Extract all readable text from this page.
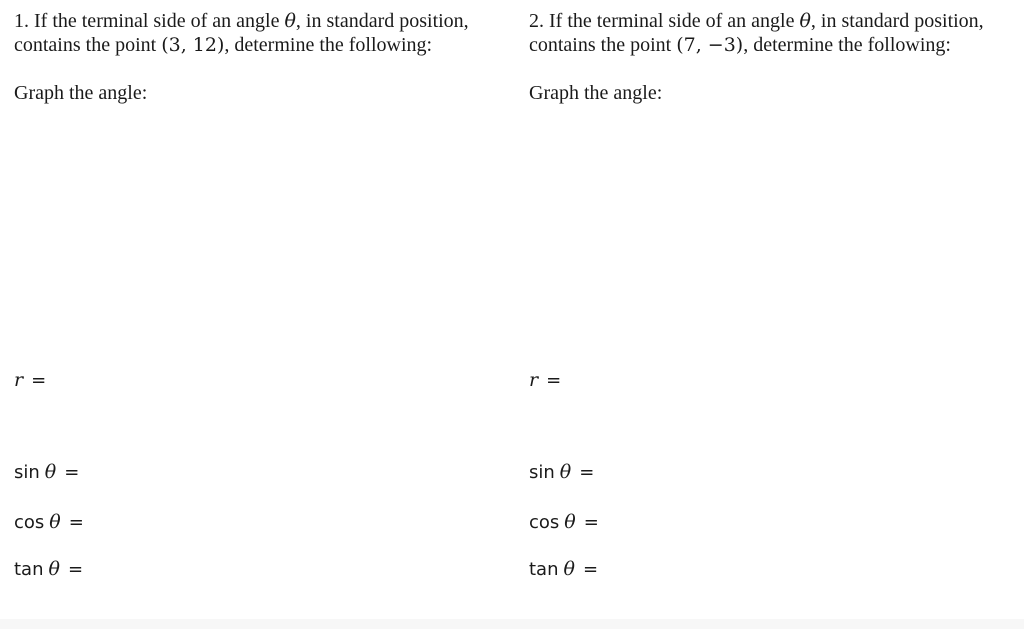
1. If the terminal side of an angle θ, in standard position,
contains the point (3, 12), determine the following:
Graph the angle:
r =
sin θ =
cos θ =
tan θ =
2. If the terminal side of an angle θ, in standard position,
contains the point (7, −3), determine the following:
Graph the angle:
r =
sin θ =
cos θ =
tan θ =
